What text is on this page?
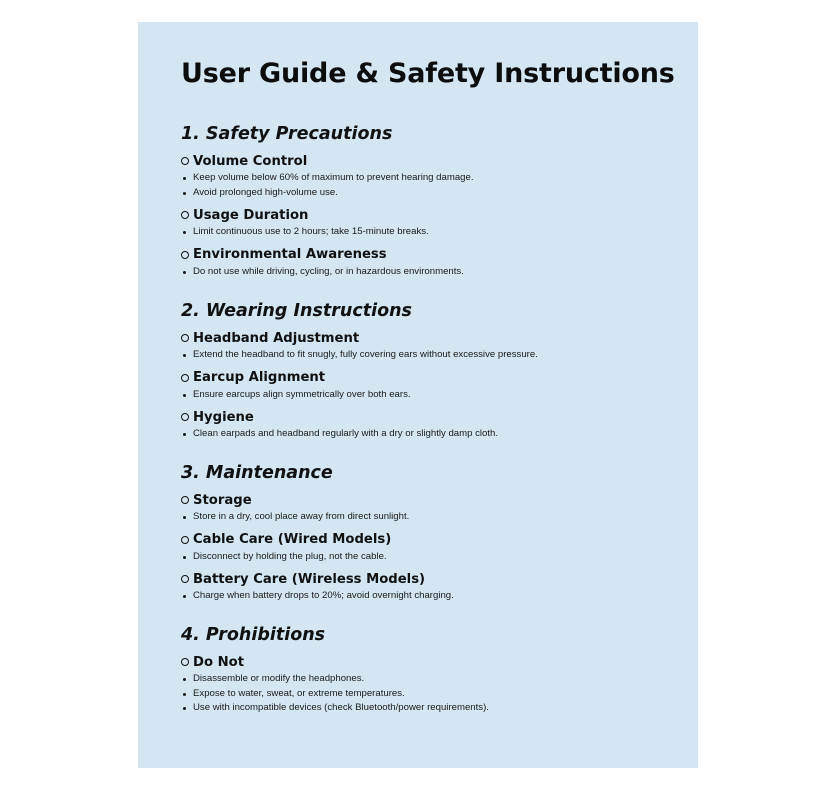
User Guide & Safety Instructions
1. Safety Precautions
Volume Control
Keep volume below 60% of maximum to prevent hearing damage.
Avoid prolonged high-volume use.
Usage Duration
Limit continuous use to 2 hours; take 15-minute breaks.
Environmental Awareness
Do not use while driving, cycling, or in hazardous environments.
2. Wearing Instructions
Headband Adjustment
Extend the headband to fit snugly, fully covering ears without excessive pressure.
Earcup Alignment
Ensure earcups align symmetrically over both ears.
Hygiene
Clean earpads and headband regularly with a dry or slightly damp cloth.
3. Maintenance
Storage
Store in a dry, cool place away from direct sunlight.
Cable Care (Wired Models)
Disconnect by holding the plug, not the cable.
Battery Care (Wireless Models)
Charge when battery drops to 20%; avoid overnight charging.
4. Prohibitions
Do Not
Disassemble or modify the headphones.
Expose to water, sweat, or extreme temperatures.
Use with incompatible devices (check Bluetooth/power requirements).
